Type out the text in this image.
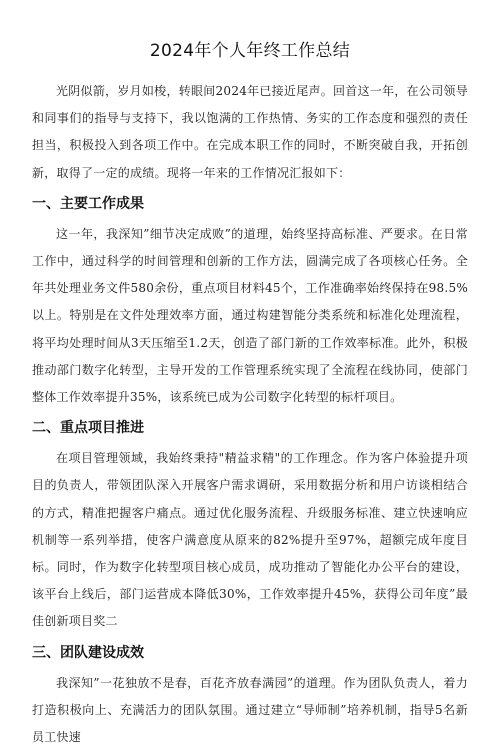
2024年个人年终工作总结

光阴似箭，岁月如梭，转眼间2024年已接近尾声。回首这一年，在公司领导和同事们的指导与支持下，我以饱满的工作热情、务实的工作态度和强烈的责任担当，积极投入到各项工作中。在完成本职工作的同时，不断突破自我，开拓创新，取得了一定的成绩。现将一年来的工作情况汇报如下：

一、主要工作成果

这一年，我深知”细节决定成败”的道理，始终坚持高标准、严要求。在日常工作中，通过科学的时间管理和创新的工作方法，圆满完成了各项核心任务。全年共处理业务文件580余份，重点项目材料45个，工作准确率始终保持在98.5%以上。特别是在文件处理效率方面，通过构建智能分类系统和标准化处理流程，将平均处理时间从3天压缩至1.2天，创造了部门新的工作效率标准。此外，积极推动部门数字化转型，主导开发的工作管理系统实现了全流程在线协同，使部门整体工作效率提升35%，该系统已成为公司数字化转型的标杆项目。

二、重点项目推进

在项目管理领域，我始终秉持"精益求精"的工作理念。作为客户体验提升项目的负责人，带领团队深入开展客户需求调研，采用数据分析和用户访谈相结合的方式，精准把握客户痛点。通过优化服务流程、升级服务标准、建立快速响应机制等一系列举措，使客户满意度从原来的82%提升至97%，超额完成年度目标。同时，作为数字化转型项目核心成员，成功推动了智能化办公平台的建设，该平台上线后，部门运营成本降低30%，工作效率提升45%，获得公司年度”最佳创新项目奖二

三、团队建设成效

我深知”一花独放不是春，百花齐放春满园”的道理。作为团队负责人，着力打造积极向上、充满活力的团队氛围。通过建立“导师制”培养机制，指导5名新员工快速
